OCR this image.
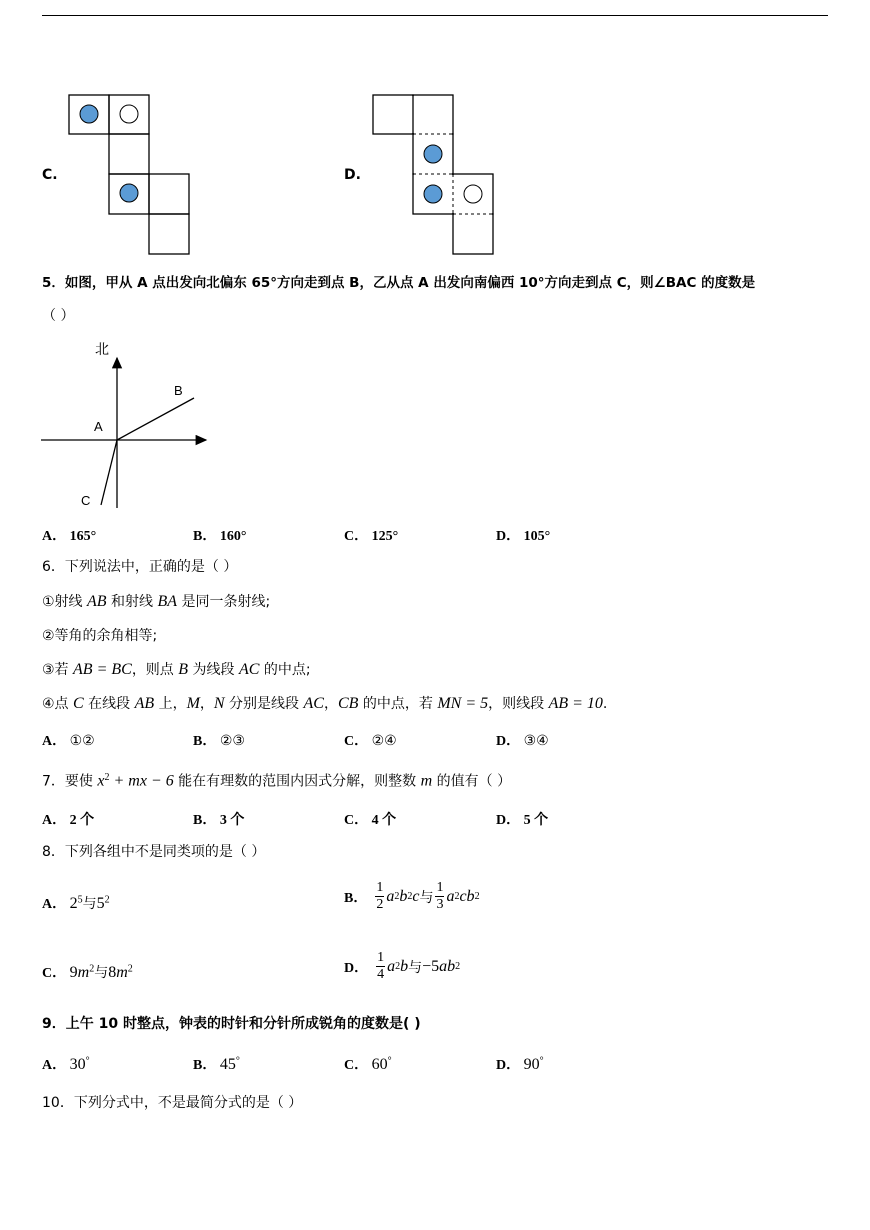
C.	D.
5．如图，甲从 A 点出发向北偏东 65°方向走到点 B，乙从点 A 出发向南偏西 10°方向走到点 C，则∠BAC 的度数是
（ ）
北
B
A
C
A． 165°	B． 160°	C． 125°	D． 105°
6．下列说法中，正确的是（ ）
①射线 AB 和射线 BA 是同一条射线;
②等角的余角相等;
③若 AB = BC，则点 B 为线段 AC 的中点;
④点 C 在线段 AB 上，M，N 分别是线段 AC，CB 的中点，若 MN = 5，则线段 AB = 10.
A． ①②	B． ②③	C． ②④	D． ③④
7．要使 $x^2$ + mx − 6 能在有理数的范围内因式分解，则整数 m 的值有（ ）
A． 2 个	B． 3 个	C． 4 个	D． 5 个
8．下列各组中不是同类项的是（ ）
A． $2^5$与$5^2$	B． $\frac{1}{2}$ a 2 b 2 c 与 $\frac{1}{3}$ a 2 cb 2
C． $9m^2$与$8m^2$	D． $\frac{1}{4}$ a 2 b 与 −5 ab 2
9．上午 10 时整点，钟表的时针和分针所成锐角的度数是( )
A． 30°	B． 45°	C． 60°	D． 90°
10．下列分式中，不是最简分式的是（ ）
